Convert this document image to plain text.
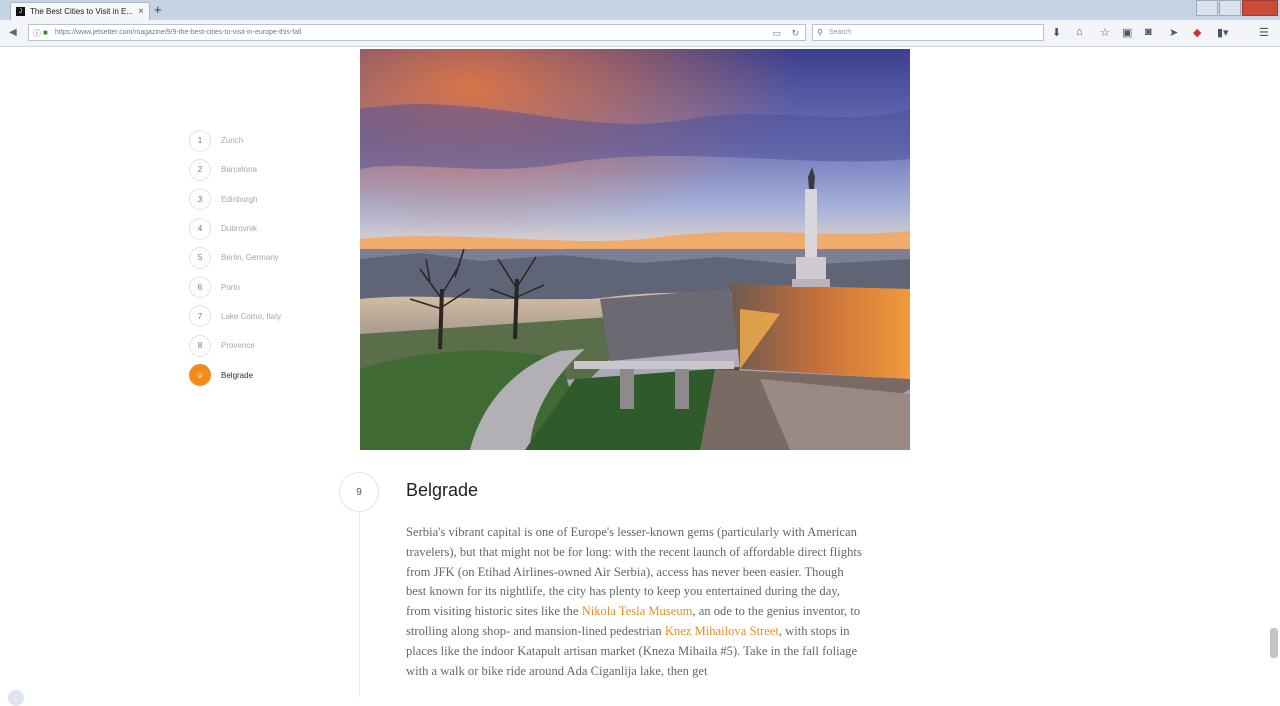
J	The Best Cities to Visit in E... × +
◀ ⓘ ■ https://www.jetsetter.com/magazine/9/9-the-best-cities-to-visit-in-europe-this-fall	▭ ↻ ⚲ Search	⬇ ⌂ ☆ ▣ ◙ ➤ ◆ ▮▾	☰
1	Zurich
2	Barcelona
3	Edinburgh
4	Dubrovnik
5	Berlin, Germany
6	Porto
7	Lake Como, Italy
8	Provence
☺	Belgrade
9	Belgrade

Serbia's vibrant capital is one of Europe's lesser-known gems (particularly with American travelers), but that might not be for long: with the recent launch of affordable direct flights from JFK (on Etihad Airlines-owned Air Serbia), access has never been easier. Though best known for its nightlife, the city has plenty to keep you entertained during the day, from visiting historic sites like the Nikola Tesla Museum, an ode to the genius inventor, to strolling along shop- and mansion-lined pedestrian Knez Mihailova Street, with stops in places like the indoor Katapult artisan market (Kneza Mihaila #5). Take in the fall foliage with a walk or bike ride around Ada Ciganlija lake, then get
